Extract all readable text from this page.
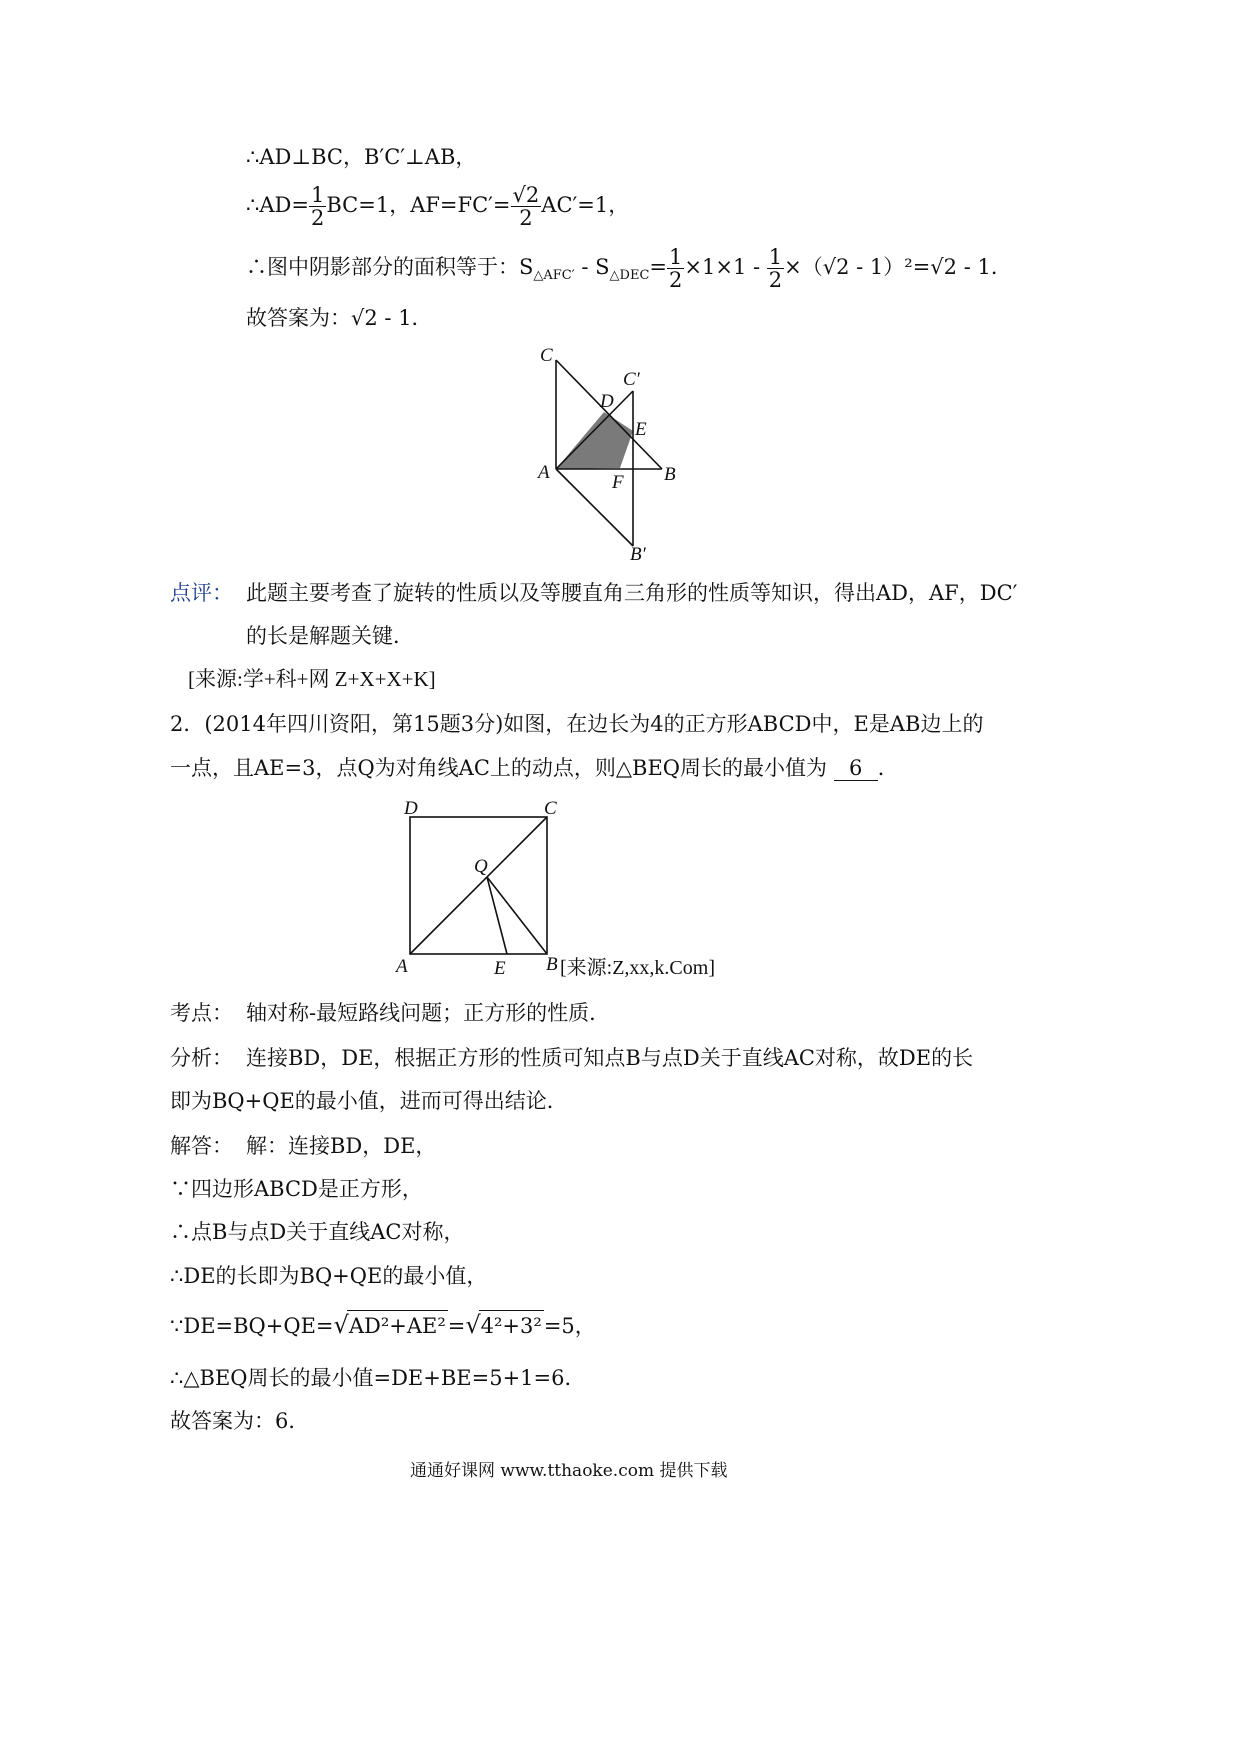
∴AD⊥BC，B′C′⊥AB，
∴AD= $\frac{1}{2} BC=1$，$AF=FC'= \frac{√2}{2} AC'=1$，
∴图中阴影部分的面积等于：$S_{\triangle AFC'} - S_{\triangle DEC}= \frac{1}{2} \times 1\times 1 - \frac{1}{2} \times(√2 - 1)^2=√2 - 1$．
故答案为：√2 - 1．
C
C′
D
E
A	F B
B′
点评： 此题主要考查了旋转的性质以及等腰直角三角形的性质等知识，得出AD，AF，DC′
的长是解题关键．
[来源:学+科+网 Z+X+X+K]
2．(2014年四川资阳，第15题3分)如图，在边长为4的正方形ABCD中，E是AB边上的
一点，且AE=3，点Q为对角线AC上的动点，则△BEQ周长的最小值为 6 ．
D	C
Q
A	E B [来源:Z,xx,k.Com]
考点： 轴对称-最短路线问题；正方形的性质．
分析： 连接BD，DE，根据正方形的性质可知点B与点D关于直线AC对称，故DE的长
即为BQ+QE的最小值，进而可得出结论．
解答： 解：连接BD，DE，
∵四边形ABCD是正方形，
∴点B与点D关于直线AC对称，
∴DE的长即为BQ+QE的最小值，
∵DE=BQ+QE=√AD²+AE²=√4²+3²=5，
∴△BEQ周长的最小值=DE+BE=5+1=6．
故答案为：6．
通通好课网 www.tthaoke.com 提供下载
